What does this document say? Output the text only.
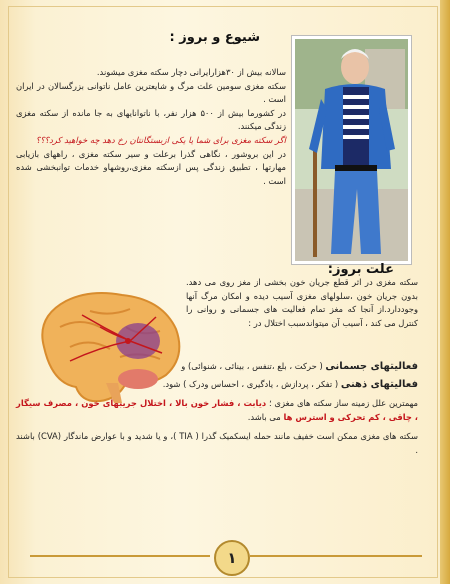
شیوع و بروز :
سالانه بیش از ۳۰هزارایرانی دچار سکته مغزی میشوند.
سکته مغزی سومین علت مرگ و شایعترین عامل ناتوانی بزرگسالان در ایران است .
در کشورما بیش از ۵۰۰ هزار نفر، با ناتوانایهای به جا مانده از سکته مغزی زندگی میکنند.
اگر سکته مغزی برای شما یا یکی ازبستگانتان رخ دهد چه خواهید کرد؟؟؟
در این بروشور ، نگاهی گذرا برعلت و سیر سکته مغزی ، راههای بازیابی مهارتها ، تطبیق زندگی پس ازسکته مغزی،روشهاو خدمات توانبخشی شده است .
علت بروز:
سکته مغزی در اثر قطع جریان خون بخشی از مغز روی می دهد. بدون جریان خون ،سلولهای مغزی آسیب دیده و امکان مرگ آنها وجوددارد.از آنجا که مغز تمام فعالیت های جسمانی و روانی را کنترل می کند ، آسیب آن میتواندسبب اختلال در :
فعالیتهای جسمانی ( حرکت ، بلع ،تنفس ، بینائی ، شنوائی) و
فعالیتهای ذهنی ( تفکر ، پردازش ، یادگیری ، احساس ودرک ) شود.
مهمترین علل زمینه ساز سکته های مغزی ؛ دیابت ، فشار خون بالا ، اختلال جریبهای خون ، مصرف سیگار ، چاقی ، کم تحرکی و استرس ها می باشد.
سکته های مغزی ممکن است خفیف مانند حمله ایسکمیک گذرا ( TIA )، و یا شدید و با عوارض ماندگار (CVA) باشند .
۱
